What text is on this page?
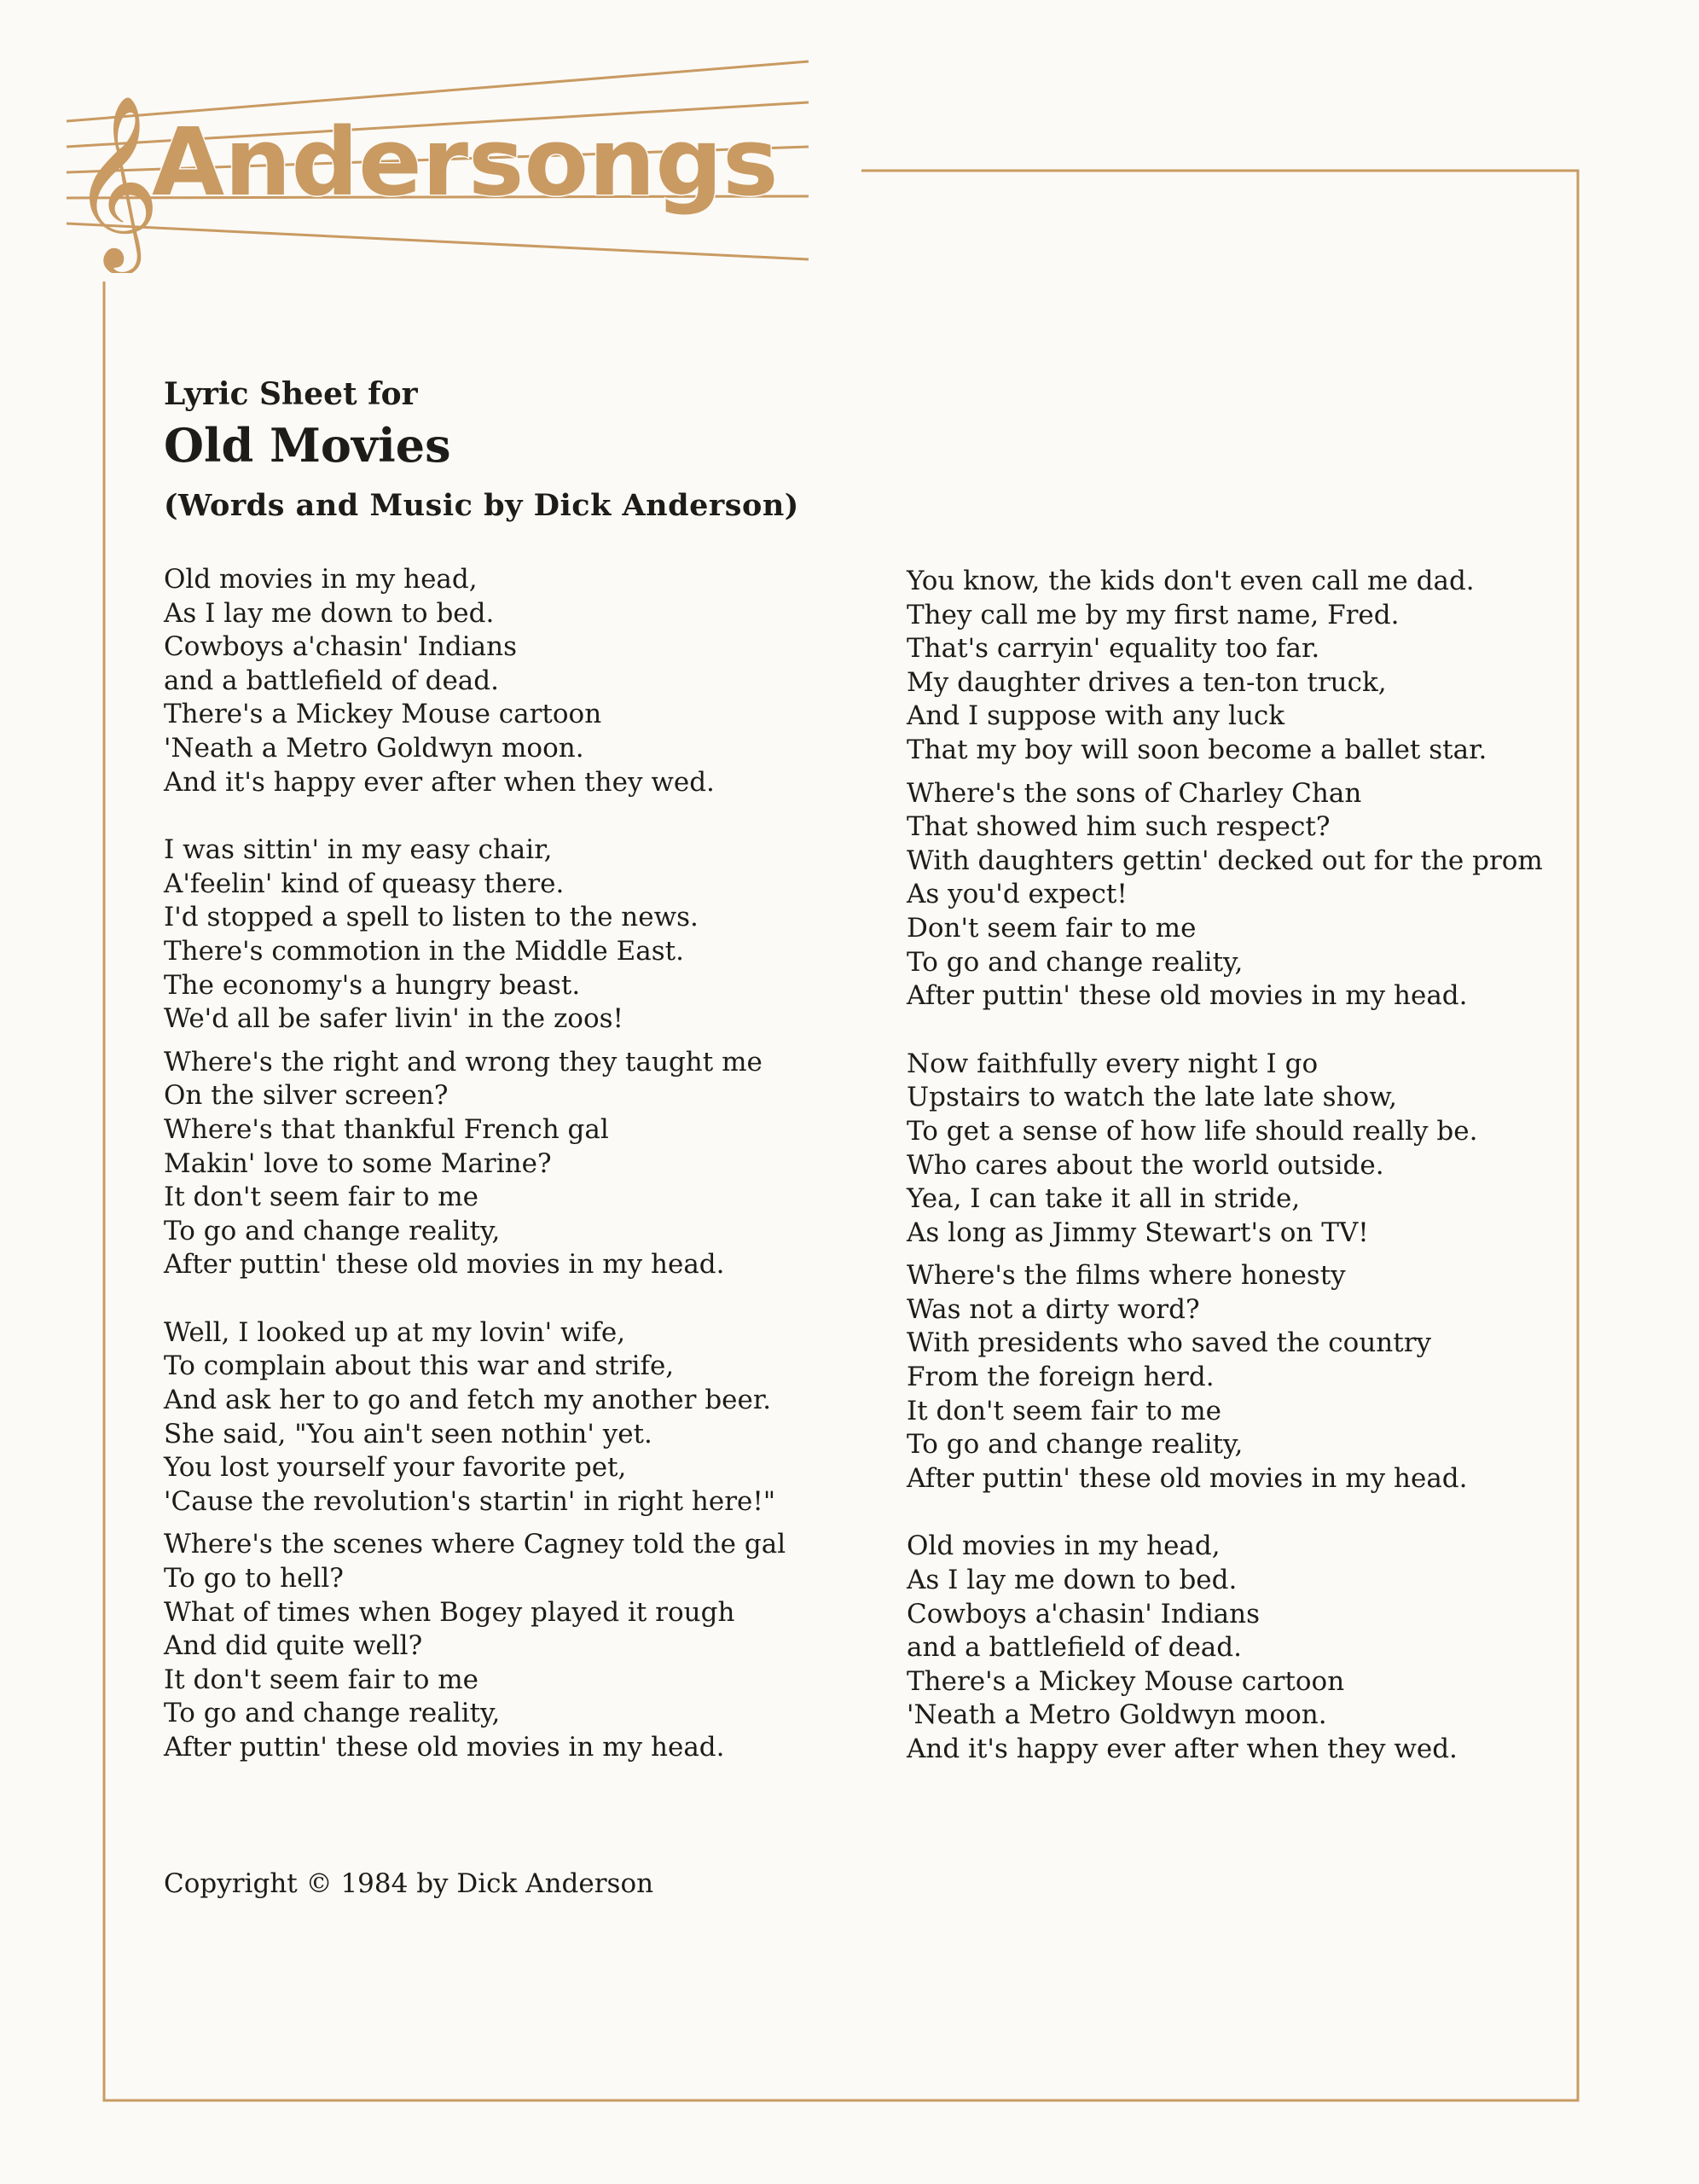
𝄞
Andersongs

Lyric Sheet for

Old Movies

(Words and Music by Dick Anderson)

Old movies in my head,
As I lay me down to bed.
Cowboys a'chasin' Indians
and a battlefield of dead.
There's a Mickey Mouse cartoon
'Neath a Metro Goldwyn moon.
And it's happy ever after when they wed.
I was sittin' in my easy chair,
A'feelin' kind of queasy there.
I'd stopped a spell to listen to the news.
There's commotion in the Middle East.
The economy's a hungry beast.
We'd all be safer livin' in the zoos!
Where's the right and wrong they taught me
On the silver screen?
Where's that thankful French gal
Makin' love to some Marine?
It don't seem fair to me
To go and change reality,
After puttin' these old movies in my head.
Well, I looked up at my lovin' wife,
To complain about this war and strife,
And ask her to go and fetch my another beer.
She said, "You ain't seen nothin' yet.
You lost yourself your favorite pet,
'Cause the revolution's startin' in right here!"
Where's the scenes where Cagney told the gal
To go to hell?
What of times when Bogey played it rough
And did quite well?
It don't seem fair to me
To go and change reality,
After puttin' these old movies in my head.
You know, the kids don't even call me dad.
They call me by my first name, Fred.
That's carryin' equality too far.
My daughter drives a ten-ton truck,
And I suppose with any luck
That my boy will soon become a ballet star.
Where's the sons of Charley Chan
That showed him such respect?
With daughters gettin' decked out for the prom
As you'd expect!
Don't seem fair to me
To go and change reality,
After puttin' these old movies in my head.
Now faithfully every night I go
Upstairs to watch the late late show,
To get a sense of how life should really be.
Who cares about the world outside.
Yea, I can take it all in stride,
As long as Jimmy Stewart's on TV!
Where's the films where honesty
Was not a dirty word?
With presidents who saved the country
From the foreign herd.
It don't seem fair to me
To go and change reality,
After puttin' these old movies in my head.
Old movies in my head,
As I lay me down to bed.
Cowboys a'chasin' Indians
and a battlefield of dead.
There's a Mickey Mouse cartoon
'Neath a Metro Goldwyn moon.
And it's happy ever after when they wed.
Copyright © 1984 by Dick Anderson
